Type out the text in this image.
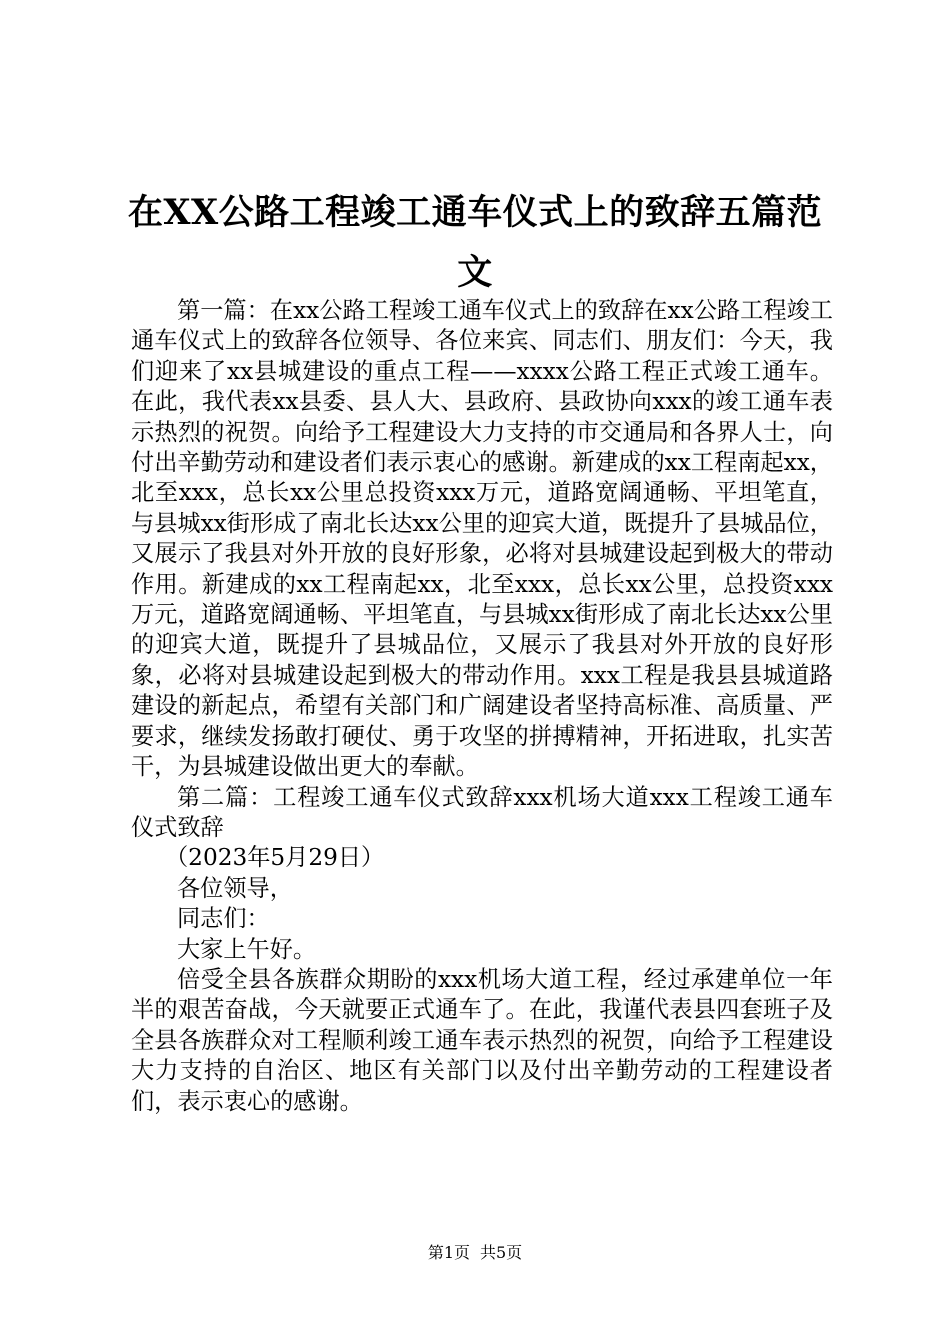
在XX公路工程竣工通车仪式上的致辞五篇范文

第一篇：在xx公路工程竣工通车仪式上的致辞在xx公路工程竣工通车仪式上的致辞各位领导、各位来宾、同志们、朋友们：今天，我们迎来了xx县城建设的重点工程——xxxx公路工程正式竣工通车。在此，我代表xx县委、县人大、县政府、县政协向xxx的竣工通车表示热烈的祝贺。向给予工程建设大力支持的市交通局和各界人士，向付出辛勤劳动和建设者们表示衷心的感谢。新建成的xx工程南起xx，北至xxx，总长xx公里总投资xxx万元，道路宽阔通畅、平坦笔直，与县城xx街形成了南北长达xx公里的迎宾大道，既提升了县城品位，又展示了我县对外开放的良好形象，必将对县城建设起到极大的带动作用。新建成的xx工程南起xx，北至xxx，总长xx公里，总投资xxx万元，道路宽阔通畅、平坦笔直，与县城xx街形成了南北长达xx公里的迎宾大道，既提升了县城品位，又展示了我县对外开放的良好形象，必将对县城建设起到极大的带动作用。xxx工程是我县县城道路建设的新起点，希望有关部门和广阔建设者坚持高标准、高质量、严要求，继续发扬敢打硬仗、勇于攻坚的拼搏精神，开拓进取，扎实苦干，为县城建设做出更大的奉献。

第二篇：工程竣工通车仪式致辞xxx机场大道xxx工程竣工通车仪式致辞

（2023年5月29日）

各位领导，

同志们：

大家上午好。

倍受全县各族群众期盼的xxx机场大道工程，经过承建单位一年半的艰苦奋战，今天就要正式通车了。在此，我谨代表县四套班子及全县各族群众对工程顺利竣工通车表示热烈的祝贺，向给予工程建设大力支持的自治区、地区有关部门以及付出辛勤劳动的工程建设者们，表示衷心的感谢。

第1页 共5页
